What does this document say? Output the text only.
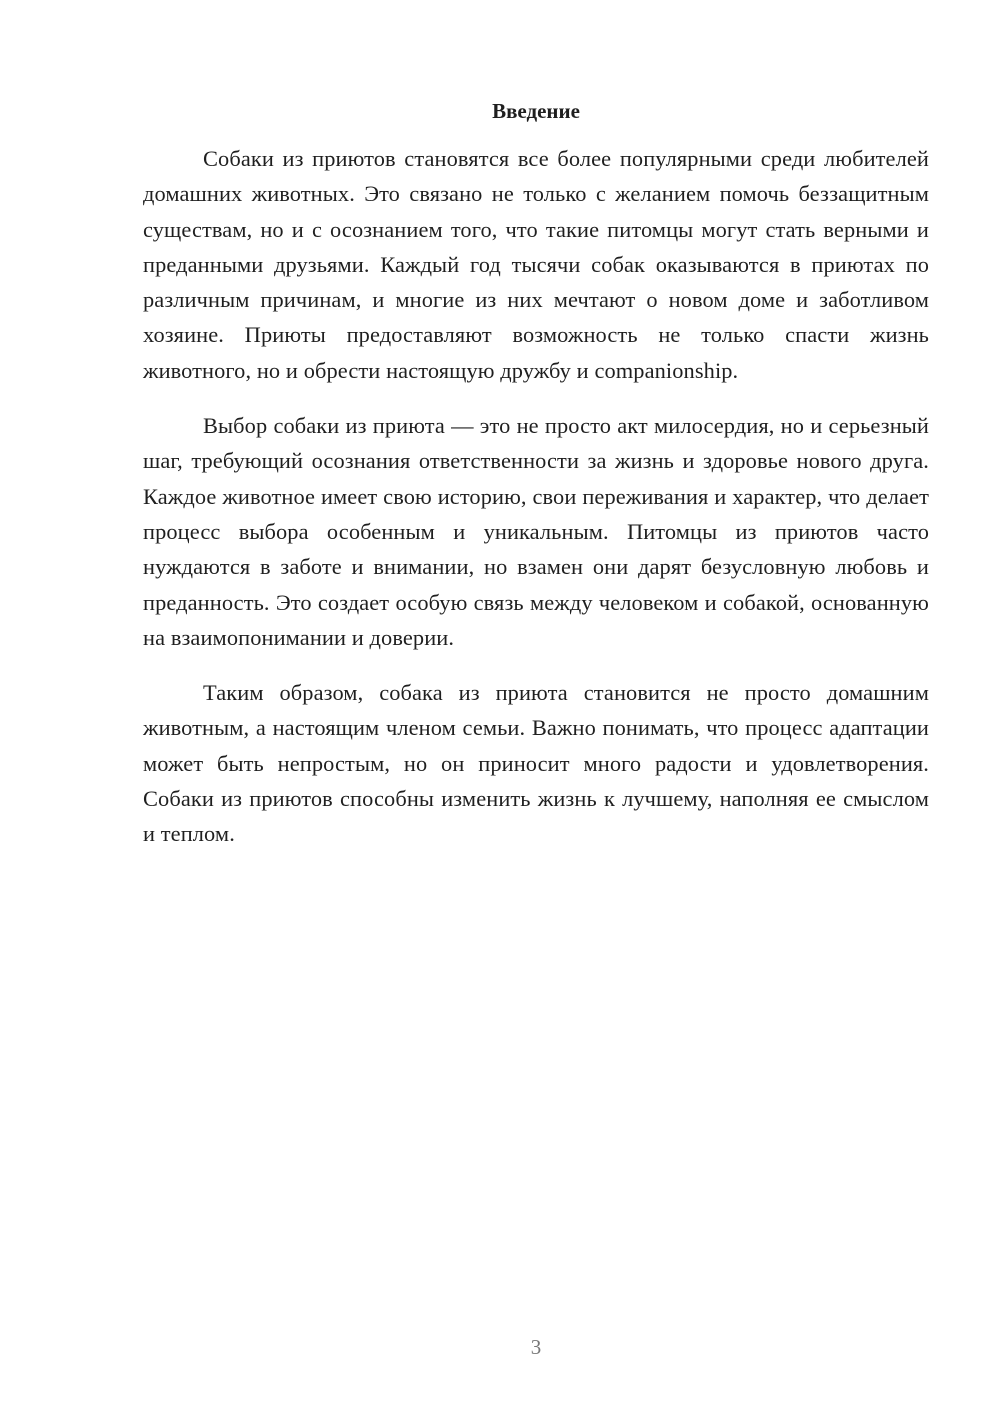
Введение

Собаки из приютов становятся все более популярными среди любителей домашних животных. Это связано не только с желанием помочь беззащитным существам, но и с осознанием того, что такие питомцы могут стать верными и преданными друзьями. Каждый год тысячи собак оказываются в приютах по различным причинам, и многие из них мечтают о новом доме и заботливом хозяине. Приюты предоставляют возможность не только спасти жизнь животного, но и обрести настоящую дружбу и companionship.

Выбор собаки из приюта — это не просто акт милосердия, но и серьезный шаг, требующий осознания ответственности за жизнь и здоровье нового друга. Каждое животное имеет свою историю, свои переживания и характер, что делает процесс выбора особенным и уникальным. Питомцы из приютов часто нуждаются в заботе и внимании, но взамен они дарят безусловную любовь и преданность. Это создает особую связь между человеком и собакой, основанную на взаимопонимании и доверии.

Таким образом, собака из приюта становится не просто домашним животным, а настоящим членом семьи. Важно понимать, что процесс адаптации может быть непростым, но он приносит много радости и удовлетворения. Собаки из приютов способны изменить жизнь к лучшему, наполняя ее смыслом и теплом.

3
